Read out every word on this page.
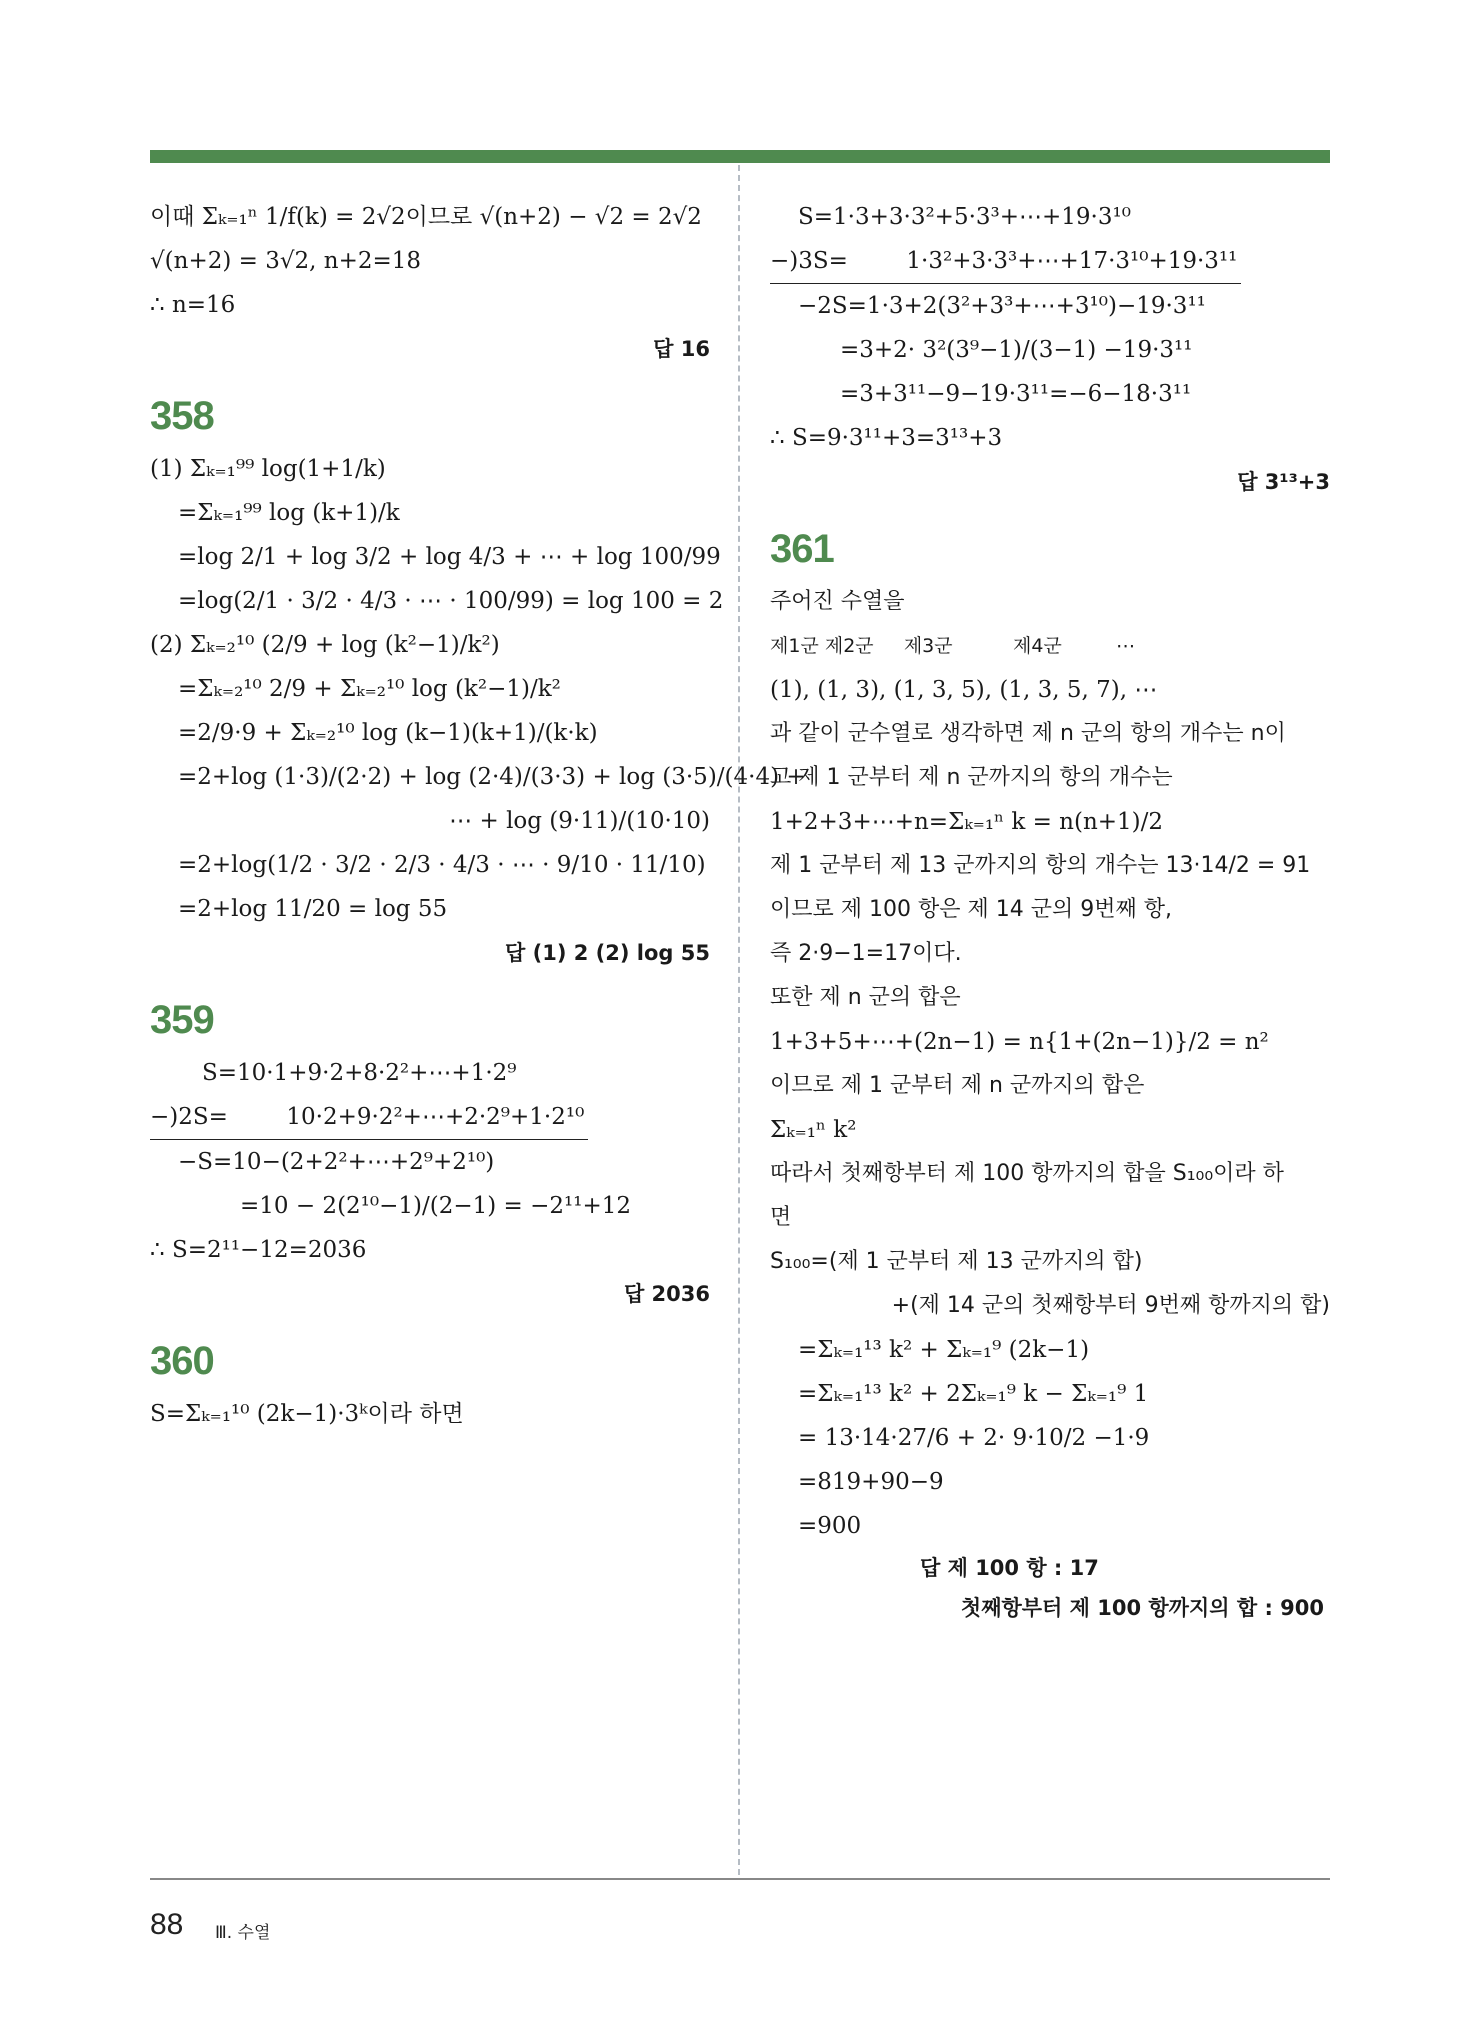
이때 Σₖ₌₁ⁿ 1/f(k) = 2√2이므로 √(n+2) − √2 = 2√2
√(n+2) = 3√2, n+2=18
∴ n=16
답 16
358
(1) Σₖ₌₁⁹⁹ log(1+1/k)
=Σₖ₌₁⁹⁹ log (k+1)/k
=log 2/1 + log 3/2 + log 4/3 + ⋯ + log 100/99
=log(2/1 · 3/2 · 4/3 · ⋯ · 100/99) = log 100 = 2
(2) Σₖ₌₂¹⁰ (2/9 + log (k²−1)/k²)
=Σₖ₌₂¹⁰ 2/9 + Σₖ₌₂¹⁰ log (k²−1)/k²
=2/9·9 + Σₖ₌₂¹⁰ log (k−1)(k+1)/(k·k)
=2+log (1·3)/(2·2) + log (2·4)/(3·3) + log (3·5)/(4·4) +
⋯ + log (9·11)/(10·10)
=2+log(1/2 · 3/2 · 2/3 · 4/3 · ⋯ · 9/10 · 11/10)
=2+log 11/20 = log 55
답 (1) 2 (2) log 55
359
S=10·1+9·2+8·2²+⋯+1·2⁹
−)2S=        10·2+9·2²+⋯+2·2⁹+1·2¹⁰
−S=10−(2+2²+⋯+2⁹+2¹⁰)
=10 − 2(2¹⁰−1)/(2−1) = −2¹¹+12
∴ S=2¹¹−12=2036
답 2036
360
S=Σₖ₌₁¹⁰ (2k−1)·3ᵏ이라 하면
S=1·3+3·3²+5·3³+⋯+19·3¹⁰
−)3S=        1·3²+3·3³+⋯+17·3¹⁰+19·3¹¹
−2S=1·3+2(3²+3³+⋯+3¹⁰)−19·3¹¹
=3+2· 3²(3⁹−1)/(3−1) −19·3¹¹
=3+3¹¹−9−19·3¹¹=−6−18·3¹¹
∴ S=9·3¹¹+3=3¹³+3
답 3¹³+3
361
주어진 수열을
제1군 제2군     제3군          제4군         ⋯
(1), (1, 3), (1, 3, 5), (1, 3, 5, 7), ⋯
과 같이 군수열로 생각하면 제 n 군의 항의 개수는 n이
고 제 1 군부터 제 n 군까지의 항의 개수는
1+2+3+⋯+n=Σₖ₌₁ⁿ k = n(n+1)/2
제 1 군부터 제 13 군까지의 항의 개수는 13·14/2 = 91
이므로 제 100 항은 제 14 군의 9번째 항,
즉 2·9−1=17이다.
또한 제 n 군의 합은
1+3+5+⋯+(2n−1) = n{1+(2n−1)}/2 = n²
이므로 제 1 군부터 제 n 군까지의 합은
Σₖ₌₁ⁿ k²
따라서 첫째항부터 제 100 항까지의 합을 S₁₀₀이라 하
면
S₁₀₀=(제 1 군부터 제 13 군까지의 합)
+(제 14 군의 첫째항부터 9번째 항까지의 합)
=Σₖ₌₁¹³ k² + Σₖ₌₁⁹ (2k−1)
=Σₖ₌₁¹³ k² + 2Σₖ₌₁⁹ k − Σₖ₌₁⁹ 1
= 13·14·27/6 + 2· 9·10/2 −1·9
=819+90−9
=900
답 제 100 항 : 17
첫째항부터 제 100 항까지의 합 : 900
88 Ⅲ. 수열
